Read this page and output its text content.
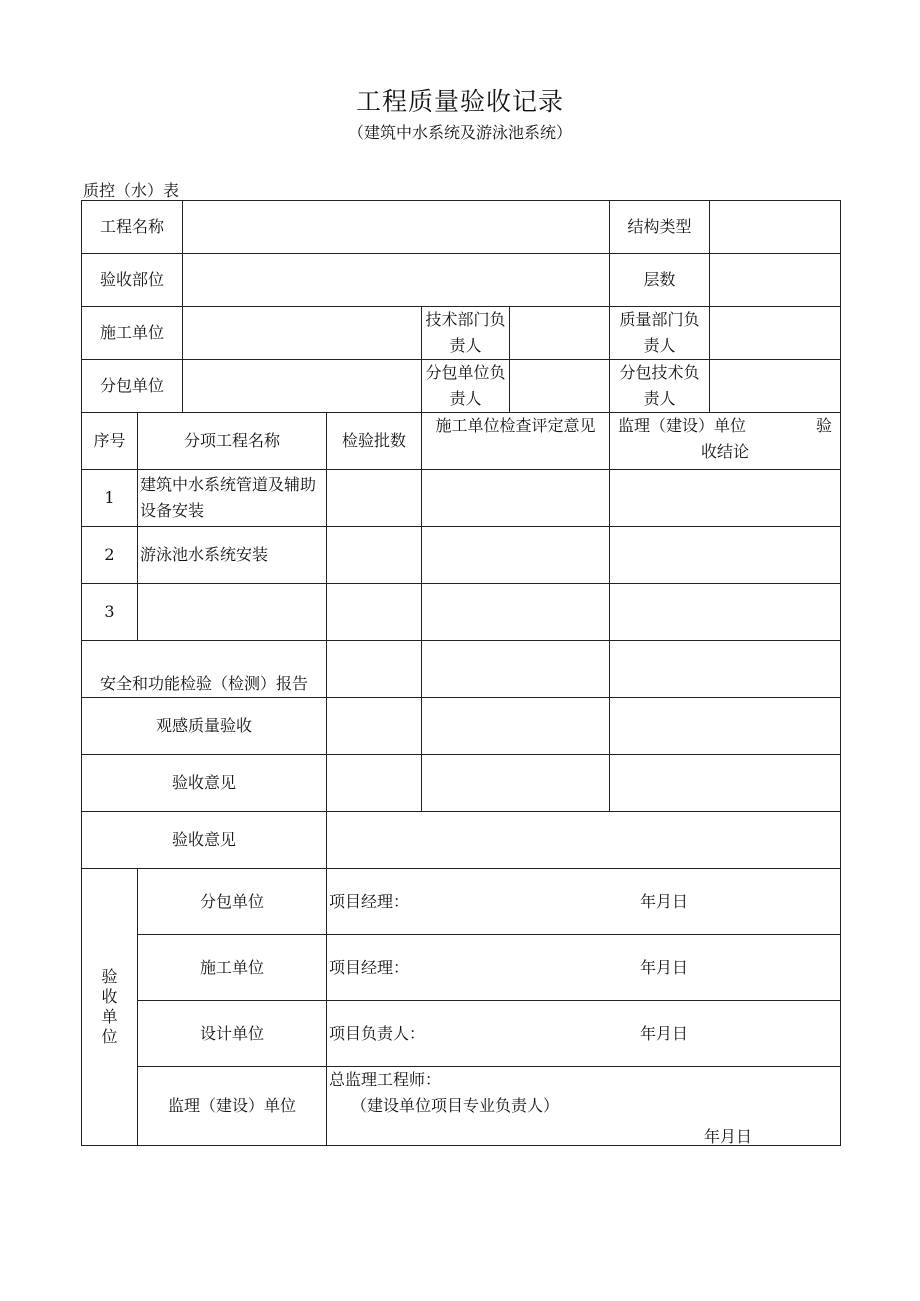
工程质量验收记录
（建筑中水系统及游泳池系统）
质控（水）表
工程名称						结构类型	
验收部位						层数	
施工单位				技术部门负责人		质量部门负责人	
分包单位				分包单位负责人		分包技术负责人	
序号	分项工程名称		检验批数	施工单位检查评定意见		监理（建设）单位 验
收结论	

1	建筑中水系统管道及辅助设备安装						
2	游泳池水系统安装						
3							
安全和功能检验（检测）报告							
观感质量验收							
验收意见							
验收意见							

验收单位	分包单位		项目经理： 年月日				

	施工单位		项目经理： 年月日				

	设计单位		项目负责人： 年月日				

	监理（建设）单位		总监理工程师：
（建设单位项目专业负责人）				
年月日
